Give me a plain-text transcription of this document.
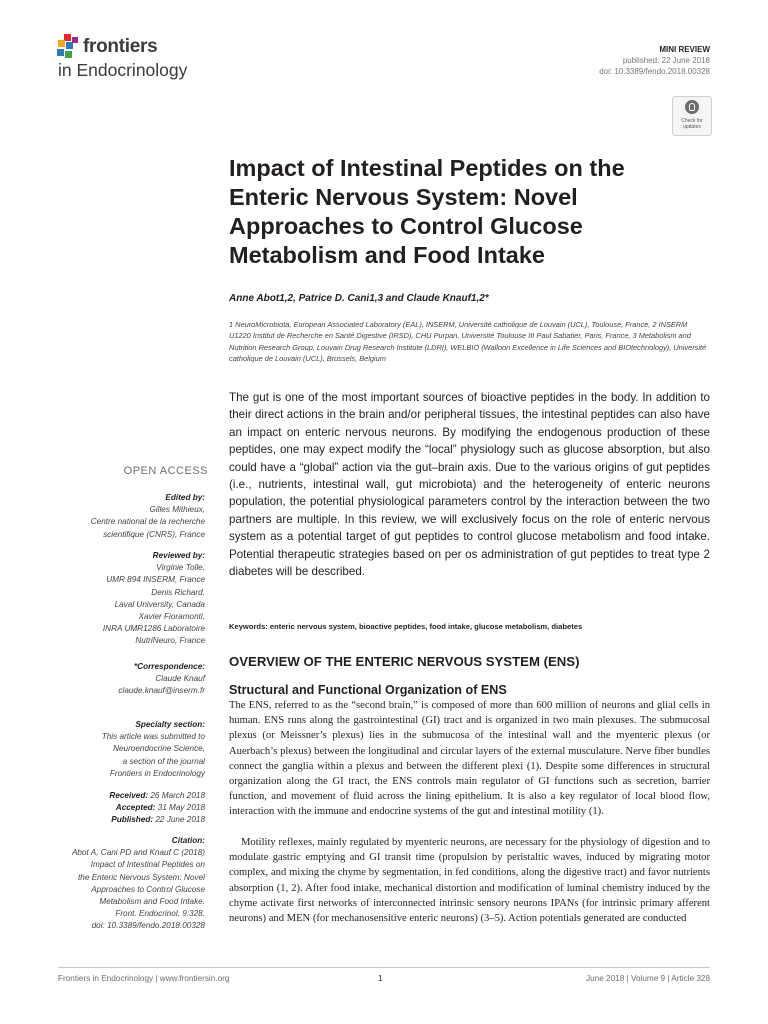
frontiers
in Endocrinology
MINI REVIEW
published: 22 June 2018
doi: 10.3389/fendo.2018.00328
Check for updates
Impact of Intestinal Peptides on the Enteric Nervous System: Novel Approaches to Control Glucose Metabolism and Food Intake
Anne Abot1,2, Patrice D. Cani1,3 and Claude Knauf1,2*
1 NeuroMicrobiota, European Associated Laboratory (EAL), INSERM, Université catholique de Louvain (UCL), Toulouse, France, 2 INSERM U1220 Institut de Recherche en Santé Digestive (IRSD), CHU Purpan, Université Toulouse III Paul Sabatier, Paris, France, 3 Metabolism and Nutrition Research Group, Louvain Drug Research Institute (LDRI), WELBIO (Walloon Excellence in Life Sciences and BIOtechnology), Université catholique de Louvain (UCL), Brussels, Belgium

The gut is one of the most important sources of bioactive peptides in the body. In addition to their direct actions in the brain and/or peripheral tissues, the intestinal peptides can also have an impact on enteric nervous neurons. By modifying the endogenous production of these peptides, one may expect modify the “local” physiology such as glucose absorption, but also could have a “global” action via the gut–brain axis. Due to the various origins of gut peptides (i.e., nutrients, intestinal wall, gut microbiota) and the heterogeneity of enteric neurons population, the potential physiological parameters control by the interaction between the two partners are multiple. In this review, we will exclusively focus on the role of enteric nervous system as a potential target of gut peptides to control glucose metabolism and food intake. Potential therapeutic strategies based on per os administration of gut peptides to treat type 2 diabetes will be described.

Keywords: enteric nervous system, bioactive peptides, food intake, glucose metabolism, diabetes
OPEN ACCESS
Edited by:
Gilles Mithieux,
Centre national de la recherche
scientifique (CNRS), France
Reviewed by:
Virginie Tolle,
UMR 894 INSERM, France
Denis Richard,
Laval University, Canada
Xavier Fioramonti,
INRA UMR1286 Laboratoire
NutriNeuro, France
*Correspondence:
Claude Knauf
claude.knauf@inserm.fr
Specialty section:
This article was submitted to
Neuroendocrine Science,
a section of the journal
Frontiers in Endocrinology
Received: 26 March 2018
Accepted: 31 May 2018
Published: 22 June 2018
Citation:
Abot A, Cani PD and Knauf C (2018)
Impact of Intestinal Peptides on
the Enteric Nervous System: Novel
Approaches to Control Glucose
Metabolism and Food Intake.
Front. Endocrinol. 9:328.
doi: 10.3389/fendo.2018.00328
OVERVIEW OF THE ENTERIC NERVOUS SYSTEM (ENS)
Structural and Functional Organization of ENS

The ENS, referred to as the “second brain,” is composed of more than 600 million of neurons and glial cells in human. ENS runs along the gastrointestinal (GI) tract and is organized in two main plexuses. The submucosal plexus (or Meissner’s plexus) lies in the submucosa of the intestinal wall and the myenteric plexus (or Auerbach’s plexus) between the longitudinal and circular layers of the external musculature. Nerve fiber bundles connect the ganglia within a plexus and between the different plexi (1). Despite some differences in structural organization along the GI tract, the ENS controls main regulator of GI functions such as secretion, barrier function, and movement of fluid across the lining epithelium. It is also a key regulator of local blood flow, interaction with the immune and endocrine systems of the gut and intestinal motility (1).

Motility reflexes, mainly regulated by myenteric neurons, are necessary for the physiology of digestion and to modulate gastric emptying and GI transit time (propulsion by peristaltic waves, induced by migrating motor complex, and mixing the chyme by segmentation, in fed conditions, along the digestive tract) and favor nutrients absorption (1, 2). After food intake, mechanical distortion and modification of luminal chemistry induced by the chyme activate first networks of interconnected intrinsic sensory neurons IPANs (for intrinsic primary afferent neurons) and MEN (for mechanosensitive enteric neurons) (3–5). Action potentials generated are conducted

Frontiers in Endocrinology | www.frontiersin.org	1	June 2018 | Volume 9 | Article 328
